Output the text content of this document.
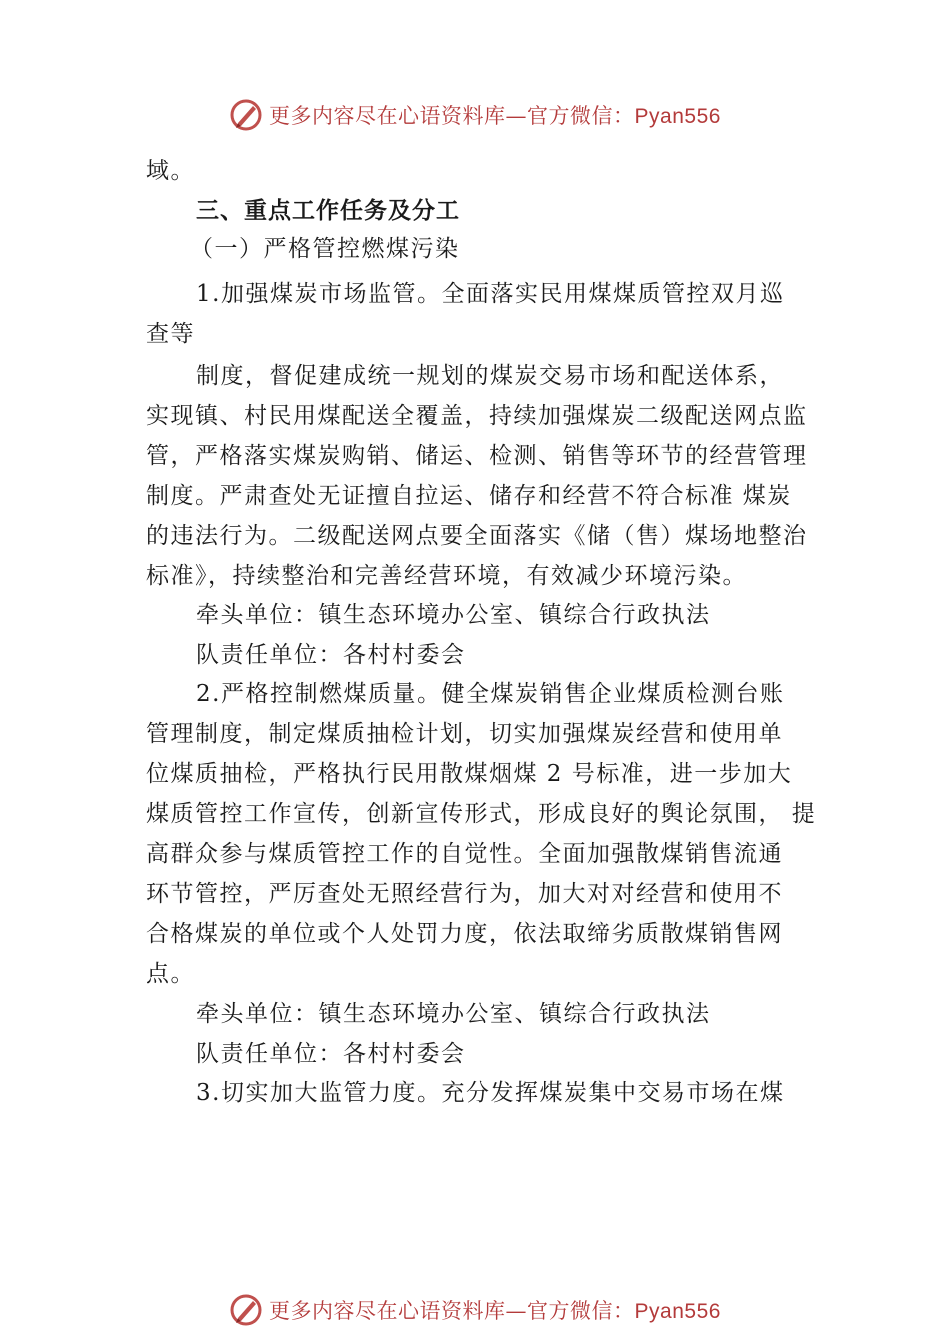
更多内容尽在心语资料库—官方微信：Pyan556

域。

三、重点工作任务及分工

（一）严格管控燃煤污染

1.加强煤炭市场监管。全面落实民用煤煤质管控双月巡

查等

制度，督促建成统一规划的煤炭交易市场和配送体系，

实现镇、村民用煤配送全覆盖，持续加强煤炭二级配送网点监

管，严格落实煤炭购销、储运、检测、销售等环节的经营管理

制度。严肃查处无证擅自拉运、储存和经营不符合标准 煤炭

的违法行为。二级配送网点要全面落实《储（售）煤场地整治

标准》，持续整治和完善经营环境，有效减少环境污染。

牵头单位：镇生态环境办公室、镇综合行政执法

队责任单位：各村村委会

2.严格控制燃煤质量。健全煤炭销售企业煤质检测台账

管理制度，制定煤质抽检计划，切实加强煤炭经营和使用单

位煤质抽检，严格执行民用散煤烟煤 2 号标准，进一步加大

煤质管控工作宣传，创新宣传形式，形成良好的舆论氛围， 提

高群众参与煤质管控工作的自觉性。全面加强散煤销售流通

环节管控，严厉查处无照经营行为，加大对对经营和使用不

合格煤炭的单位或个人处罚力度，依法取缔劣质散煤销售网

点。

牵头单位：镇生态环境办公室、镇综合行政执法

队责任单位：各村村委会

3.切实加大监管力度。充分发挥煤炭集中交易市场在煤

更多内容尽在心语资料库—官方微信：Pyan556
